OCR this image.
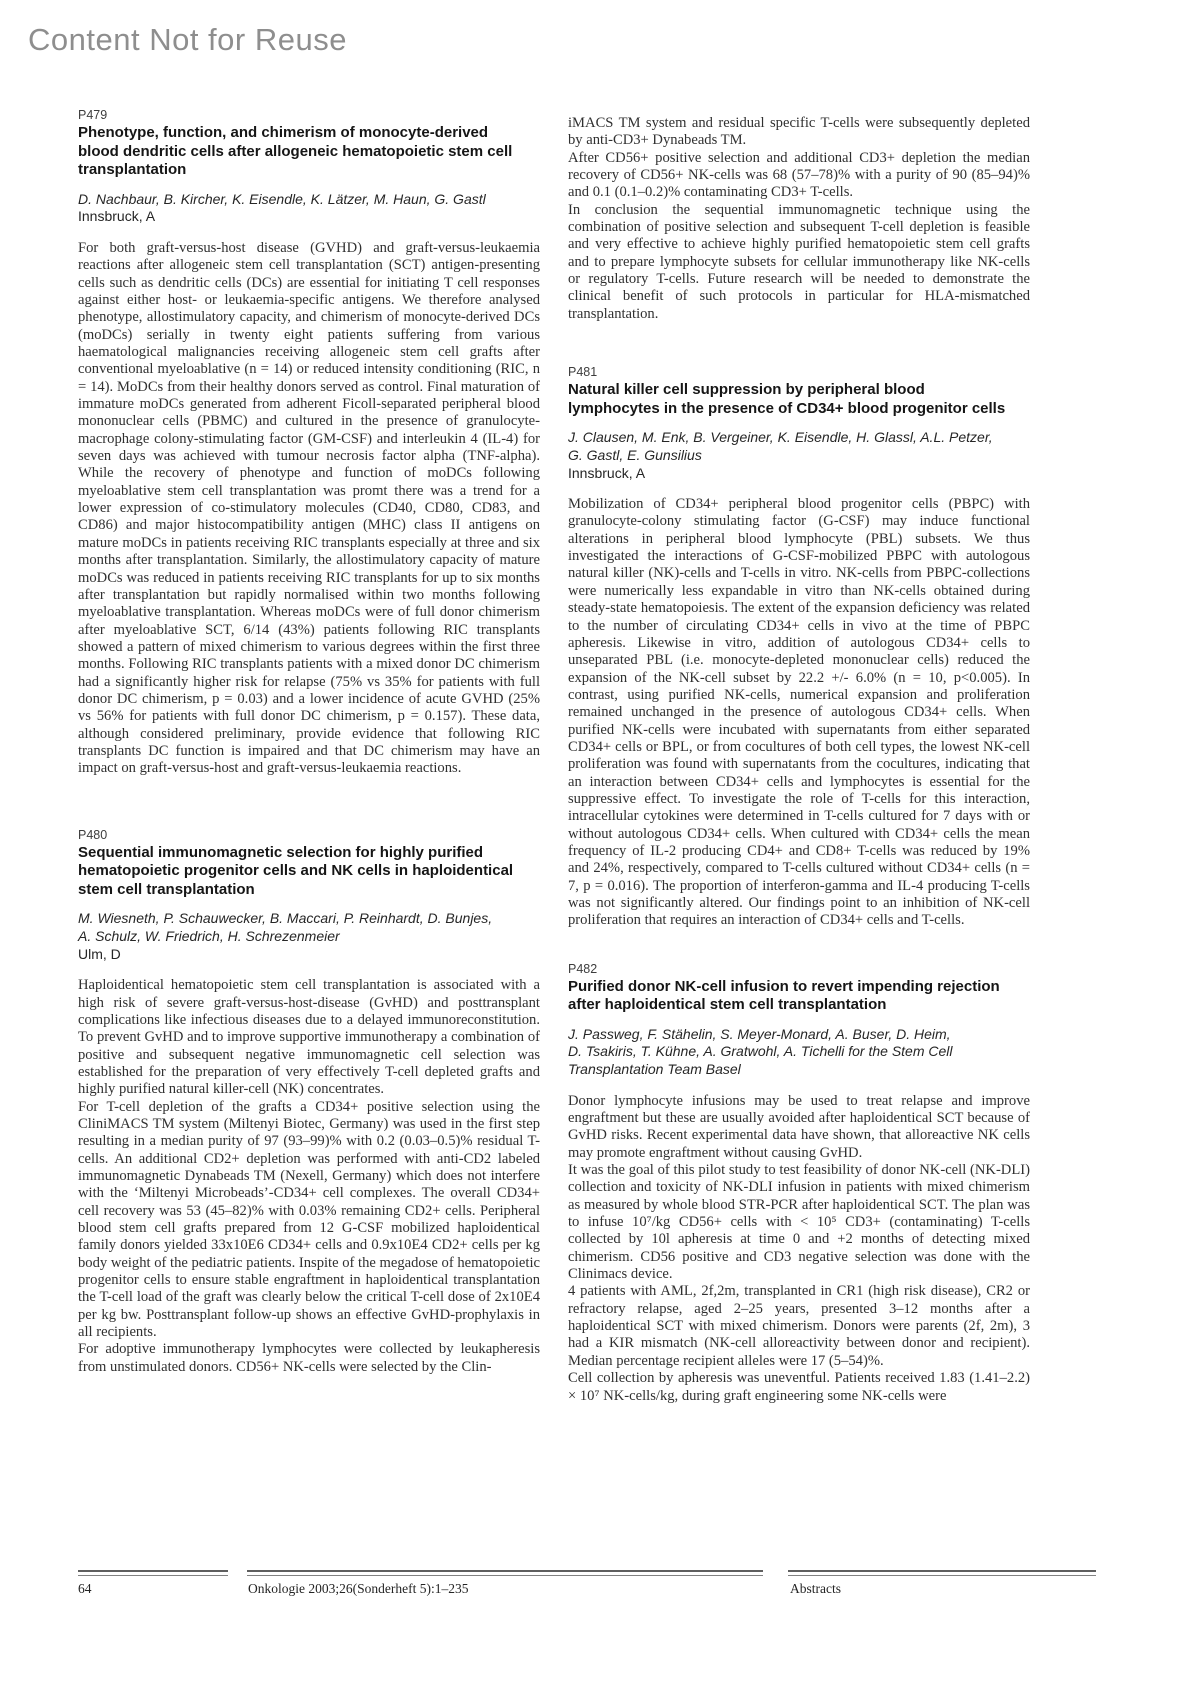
Content Not for Reuse
P479
Phenotype, function, and chimerism of monocyte-derived
blood dendritic cells after allogeneic hematopoietic stem cell
transplantation

D. Nachbaur, B. Kircher, K. Eisendle, K. Lätzer, M. Haun, G. Gastl

Innsbruck, A

For both graft-versus-host disease (GVHD) and graft-versus-leukaemia reactions after allogeneic stem cell transplantation (SCT) antigen-presenting cells such as dendritic cells (DCs) are essential for initiating T cell responses against either host- or leukaemia-specific antigens. We therefore analysed phenotype, allostimulatory capacity, and chimerism of monocyte-derived DCs (moDCs) serially in twenty eight patients suffering from various haematological malignancies receiving allogeneic stem cell grafts after conventional myeloablative (n = 14) or reduced intensity conditioning (RIC, n = 14). MoDCs from their healthy donors served as control. Final maturation of immature moDCs generated from adherent Ficoll-separated peripheral blood mononuclear cells (PBMC) and cultured in the presence of granulocyte-macrophage colony-stimulating factor (GM-CSF) and interleukin 4 (IL-4) for seven days was achieved with tumour necrosis factor alpha (TNF-alpha). While the recovery of phenotype and function of moDCs following myeloablative stem cell transplantation was promt there was a trend for a lower expression of co-stimulatory molecules (CD40, CD80, CD83, and CD86) and major histocompatibility antigen (MHC) class II antigens on mature moDCs in patients receiving RIC transplants especially at three and six months after transplantation. Similarly, the allostimulatory capacity of mature moDCs was reduced in patients receiving RIC transplants for up to six months after transplantation but rapidly normalised within two months following myeloablative transplantation. Whereas moDCs were of full donor chimerism after myeloablative SCT, 6/14 (43%) patients following RIC transplants showed a pattern of mixed chimerism to various degrees within the first three months. Following RIC transplants patients with a mixed donor DC chimerism had a significantly higher risk for relapse (75% vs 35% for patients with full donor DC chimerism, p = 0.03) and a lower incidence of acute GVHD (25% vs 56% for patients with full donor DC chimerism, p = 0.157). These data, although considered preliminary, provide evidence that following RIC transplants DC function is impaired and that DC chimerism may have an impact on graft-versus-host and graft-versus-leukaemia reactions.

P480
Sequential immunomagnetic selection for highly purified
hematopoietic progenitor cells and NK cells in haploidentical
stem cell transplantation

M. Wiesneth, P. Schauwecker, B. Maccari, P. Reinhardt, D. Bunjes,

A. Schulz, W. Friedrich, H. Schrezenmeier

Ulm, D

Haploidentical hematopoietic stem cell transplantation is associated with a high risk of severe graft-versus-host-disease (GvHD) and posttransplant complications like infectious diseases due to a delayed immunoreconstitution. To prevent GvHD and to improve supportive immunotherapy a combination of positive and subsequent negative immunomagnetic cell selection was established for the preparation of very effectively T-cell depleted grafts and highly purified natural killer-cell (NK) concentrates.

For T-cell depletion of the grafts a CD34+ positive selection using the CliniMACS TM system (Miltenyi Biotec, Germany) was used in the first step resulting in a median purity of 97 (93–99)% with 0.2 (0.03–0.5)% residual T-cells. An additional CD2+ depletion was performed with anti-CD2 labeled immunomagnetic Dynabeads TM (Nexell, Germany) which does not interfere with the ‘Miltenyi Microbeads’-CD34+ cell complexes. The overall CD34+ cell recovery was 53 (45–82)% with 0.03% remaining CD2+ cells. Peripheral blood stem cell grafts prepared from 12 G-CSF mobilized haploidentical family donors yielded 33x10E6 CD34+ cells and 0.9x10E4 CD2+ cells per kg body weight of the pediatric patients. Inspite of the megadose of hematopoietic progenitor cells to ensure stable engraftment in haploidentical transplantation the T-cell load of the graft was clearly below the critical T-cell dose of 2x10E4 per kg bw. Posttransplant follow-up shows an effective GvHD-prophylaxis in all recipients.

For adoptive immunotherapy lymphocytes were collected by leukapheresis from unstimulated donors. CD56+ NK-cells were selected by the Clin-

iMACS TM system and residual specific T-cells were subsequently depleted by anti-CD3+ Dynabeads TM.

After CD56+ positive selection and additional CD3+ depletion the median recovery of CD56+ NK-cells was 68 (57–78)% with a purity of 90 (85–94)% and 0.1 (0.1–0.2)% contaminating CD3+ T-cells.

In conclusion the sequential immunomagnetic technique using the combination of positive selection and subsequent T-cell depletion is feasible and very effective to achieve highly purified hematopoietic stem cell grafts and to prepare lymphocyte subsets for cellular immunotherapy like NK-cells or regulatory T-cells. Future research will be needed to demonstrate the clinical benefit of such protocols in particular for HLA-mismatched transplantation.

P481
Natural killer cell suppression by peripheral blood
lymphocytes in the presence of CD34+ blood progenitor cells

J. Clausen, M. Enk, B. Vergeiner, K. Eisendle, H. Glassl, A.L. Petzer,

G. Gastl, E. Gunsilius

Innsbruck, A

Mobilization of CD34+ peripheral blood progenitor cells (PBPC) with granulocyte-colony stimulating factor (G-CSF) may induce functional alterations in peripheral blood lymphocyte (PBL) subsets. We thus investigated the interactions of G-CSF-mobilized PBPC with autologous natural killer (NK)-cells and T-cells in vitro. NK-cells from PBPC-collections were numerically less expandable in vitro than NK-cells obtained during steady-state hematopoiesis. The extent of the expansion deficiency was related to the number of circulating CD34+ cells in vivo at the time of PBPC apheresis. Likewise in vitro, addition of autologous CD34+ cells to unseparated PBL (i.e. monocyte-depleted mononuclear cells) reduced the expansion of the NK-cell subset by 22.2 +/- 6.0% (n = 10, p<0.005). In contrast, using purified NK-cells, numerical expansion and proliferation remained unchanged in the presence of autologous CD34+ cells. When purified NK-cells were incubated with supernatants from either separated CD34+ cells or BPL, or from cocultures of both cell types, the lowest NK-cell proliferation was found with supernatants from the cocultures, indicating that an interaction between CD34+ cells and lymphocytes is essential for the suppressive effect. To investigate the role of T-cells for this interaction, intracellular cytokines were determined in T-cells cultured for 7 days with or without autologous CD34+ cells. When cultured with CD34+ cells the mean frequency of IL-2 producing CD4+ and CD8+ T-cells was reduced by 19% and 24%, respectively, compared to T-cells cultured without CD34+ cells (n = 7, p = 0.016). The proportion of interferon-gamma and IL-4 producing T-cells was not significantly altered. Our findings point to an inhibition of NK-cell proliferation that requires an interaction of CD34+ cells and T-cells.

P482
Purified donor NK-cell infusion to revert impending rejection
after haploidentical stem cell transplantation

J. Passweg, F. Stähelin, S. Meyer-Monard, A. Buser, D. Heim,

D. Tsakiris, T. Kühne, A. Gratwohl, A. Tichelli for the Stem Cell

Transplantation Team Basel

Donor lymphocyte infusions may be used to treat relapse and improve engraftment but these are usually avoided after haploidentical SCT because of GvHD risks. Recent experimental data have shown, that alloreactive NK cells may promote engraftment without causing GvHD.

It was the goal of this pilot study to test feasibility of donor NK-cell (NK-DLI) collection and toxicity of NK-DLI infusion in patients with mixed chimerism as measured by whole blood STR-PCR after haploidentical SCT. The plan was to infuse 10⁷/kg CD56+ cells with < 10⁵ CD3+ (contaminating) T-cells collected by 10l apheresis at time 0 and +2 months of detecting mixed chimerism. CD56 positive and CD3 negative selection was done with the Clinimacs device.

4 patients with AML, 2f,2m, transplanted in CR1 (high risk disease), CR2 or refractory relapse, aged 2–25 years, presented 3–12 months after a haploidentical SCT with mixed chimerism. Donors were parents (2f, 2m), 3 had a KIR mismatch (NK-cell alloreactivity between donor and recipient). Median percentage recipient alleles were 17 (5–54)%.

Cell collection by apheresis was uneventful. Patients received 1.83 (1.41–2.2) × 10⁷ NK-cells/kg, during graft engineering some NK-cells were

64	Onkologie 2003;26(Sonderheft 5):1–235	Abstracts
